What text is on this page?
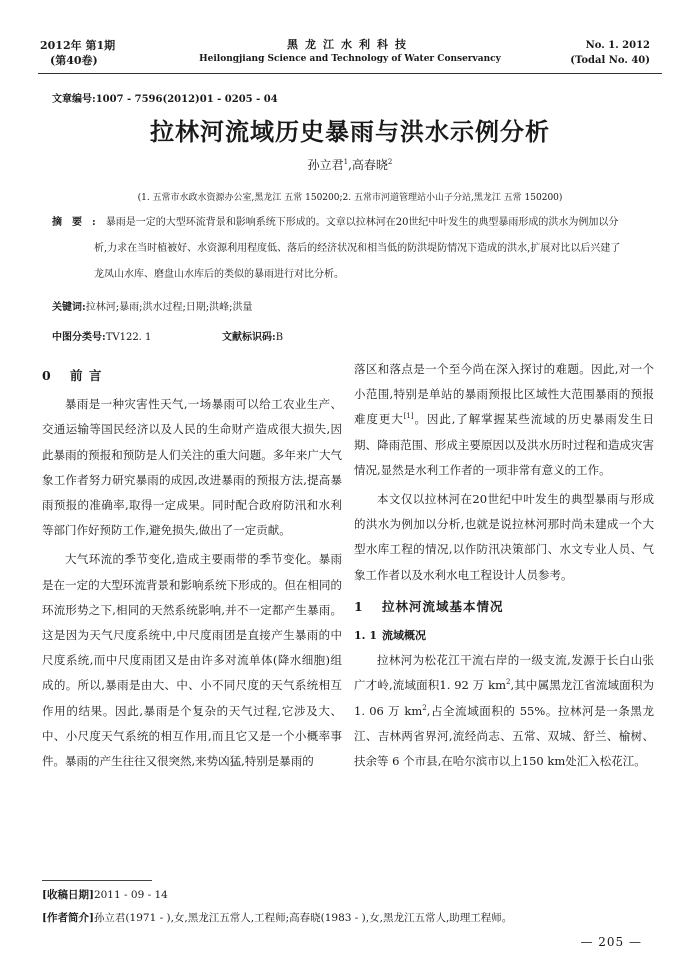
2012年 第1期
(第40卷)
黑龙江水利科技
Heilongjiang Science and Technology of Water Conservancy
No. 1. 2012
(Todal No. 40)
文章编号:1007 - 7596(2012)01 - 0205 - 04
拉林河流域历史暴雨与洪水示例分析
孙立君$^1$,高春晓$^2$
(1. 五常市水政水资源办公室,黑龙江 五常 150200;2. 五常市河道管理站小山子分站,黑龙江 五常 150200)

摘要:暴雨是一定的大型环流背景和影响系统下形成的。文章以拉林河在20世纪中叶发生的典型暴雨形成的洪水为例加以分

析,力求在当时植被好、水资源利用程度低、落后的经济状况和相当低的防洪堤防情况下造成的洪水,扩展对比以后兴建了

龙凤山水库、磨盘山水库后的类似的暴雨进行对比分析。

关键词:拉林河;暴雨;洪水过程;日期;洪峰;洪量
中图分类号:TV122. 1	文献标识码:B
0 前 言

暴雨是一种灾害性天气,一场暴雨可以给工农业生产、交通运输等国民经济以及人民的生命财产造成很大损失,因此暴雨的预报和预防是人们关注的重大问题。多年来广大气象工作者努力研究暴雨的成因,改进暴雨的预报方法,提高暴雨预报的准确率,取得一定成果。同时配合政府防汛和水利等部门作好预防工作,避免损失,做出了一定贡献。

大气环流的季节变化,造成主要雨带的季节变化。暴雨是在一定的大型环流背景和影响系统下形成的。但在相同的环流形势之下,相同的天然系统影响,并不一定都产生暴雨。这是因为天气尺度系统中,中尺度雨团是直接产生暴雨的中尺度系统,而中尺度雨团又是由许多对流单体(降水细胞)组成的。所以,暴雨是由大、中、小不同尺度的天气系统相互作用的结果。因此,暴雨是个复杂的天气过程,它涉及大、中、小尺度天气系统的相互作用,而且它又是一个小概率事件。暴雨的产生往往又很突然,来势凶猛,特别是暴雨的

落区和落点是一个至今尚在深入探讨的难题。因此,对一个小范围,特别是单站的暴雨预报比区域性大范围暴雨的预报难度更大[1]。因此,了解掌握某些流域的历史暴雨发生日期、降雨范围、形成主要原因以及洪水历时过程和造成灾害情况,显然是水利工作者的一项非常有意义的工作。

本文仅以拉林河在20世纪中叶发生的典型暴雨与形成的洪水为例加以分析,也就是说拉林河那时尚未建成一个大型水库工程的情况,以作防汛决策部门、水文专业人员、气象工作者以及水利水电工程设计人员参考。

1 拉林河流域基本情况
1. 1 流域概况

拉林河为松花江干流右岸的一级支流,发源于长白山张广才岭,流域面积1. 92 万 $km^2$,其中属黑龙江省流域面积为1. 06 万 $km^2$,占全流域面积的 55%。拉林河是一条黑龙江、吉林两省界河,流经尚志、五常、双城、舒兰、榆树、扶余等 6 个市县,在哈尔滨市以上150 km处汇入松花江。

[收稿日期]2011 - 09 - 14
[作者简介]孙立君(1971 - ),女,黑龙江五常人,工程师;高春晓(1983 - ),女,黑龙江五常人,助理工程师。
— 205 —
